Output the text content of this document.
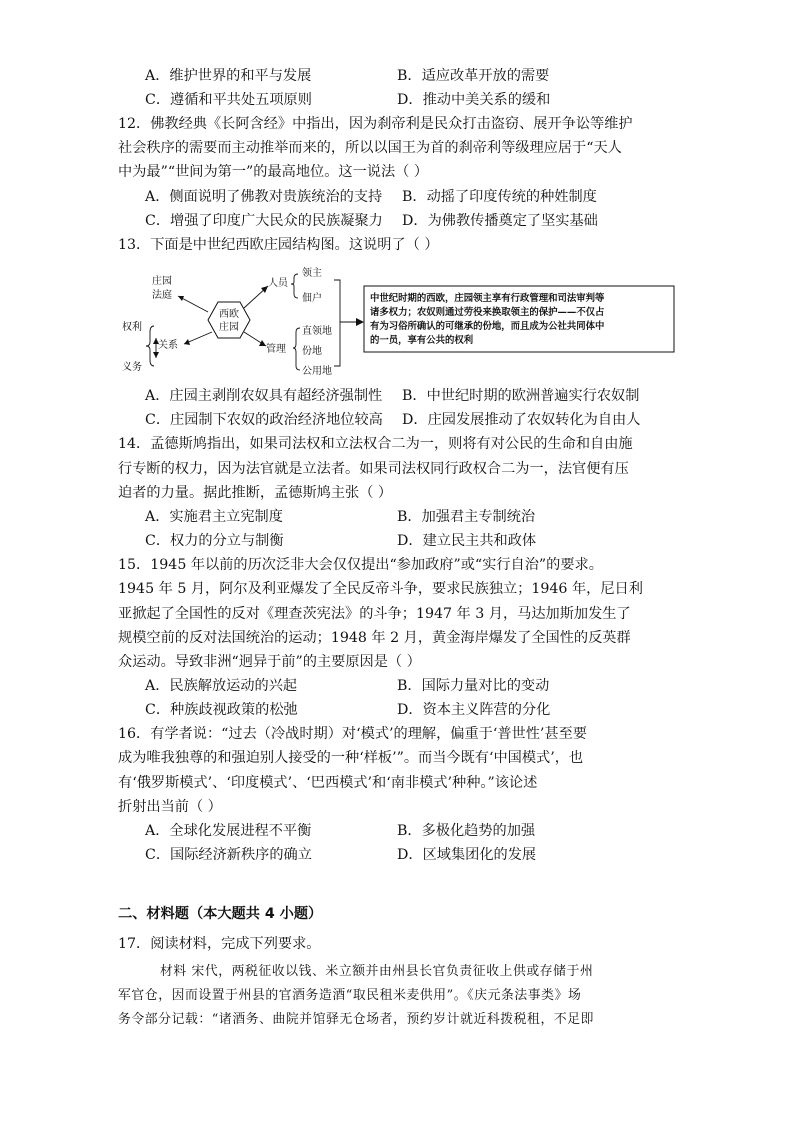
A．维护世界的和平与发展	B．适应改革开放的需要
C．遵循和平共处五项原则	D．推动中美关系的缓和
12．佛教经典《长阿含经》中指出，因为刹帝利是民众打击盗窃、展开争讼等维护
社会秩序的需要而主动推举而来的，所以以国王为首的刹帝利等级理应居于“天人
中为最”“世间为第一”的最高地位。这一说法（ ）
A．侧面说明了佛教对贵族统治的支持 B．动摇了印度传统的种姓制度
C．增强了印度广大民众的民族凝聚力 D．为佛教传播奠定了坚实基础
13．下面是中世纪西欧庄园结构图。这说明了（ ）
西欧
庄园
庄园
法庭
关系
权利
义务
人员
领主
佃户
管理
直领地
份地
公用地
中世纪时期的西欧，庄园领主享有行政管理和司法审判等
诸多权力；农奴则通过劳役来换取领主的保护——不仅占
有为习俗所确认的可继承的份地，而且成为公社共同体中
的一员，享有公共的权利
A．庄园主剥削农奴具有超经济强制性 B．中世纪时期的欧洲普遍实行农奴制
C．庄园制下农奴的政治经济地位较高 D．庄园发展推动了农奴转化为自由人
14．孟德斯鸠指出，如果司法权和立法权合二为一，则将有对公民的生命和自由施
行专断的权力，因为法官就是立法者。如果司法权同行政权合二为一，法官便有压
迫者的力量。据此推断，孟德斯鸠主张（ ）
A．实施君主立宪制度	B．加强君主专制统治
C．权力的分立与制衡	D．建立民主共和政体
15．1945 年以前的历次泛非大会仅仅提出“参加政府”或“实行自治”的要求。
1945 年 5 月，阿尔及利亚爆发了全民反帝斗争，要求民族独立；1946 年，尼日利
亚掀起了全国性的反对《理查茨宪法》的斗争；1947 年 3 月，马达加斯加发生了
规模空前的反对法国统治的运动；1948 年 2 月，黄金海岸爆发了全国性的反英群
众运动。导致非洲“迥异于前”的主要原因是（ ）
A．民族解放运动的兴起	B．国际力量对比的变动
C．种族歧视政策的松弛	D．资本主义阵营的分化
16．有学者说：“过去（冷战时期）对‘模式’的理解，偏重于‘普世性’甚至要
成为唯我独尊的和强迫别人接受的一种‘样板’”。而当今既有‘中国模式’，也
有‘俄罗斯模式’、‘印度模式’、‘巴西模式’和‘南非模式’种种。”该论述
折射出当前（ ）
A．全球化发展进程不平衡	B．多极化趋势的加强
C．国际经济新秩序的确立	D．区域集团化的发展
二、材料题（本大题共 4 小题）
17．阅读材料，完成下列要求。
材料 宋代，两税征收以钱、米立额并由州县长官负责征收上供或存储于州
军官仓，因而设置于州县的官酒务造酒“取民租米麦供用”。《庆元条法事类》场
务令部分记载：“诸酒务、曲院并馆驿无仓场者，预约岁计就近科拨税租，不足即
